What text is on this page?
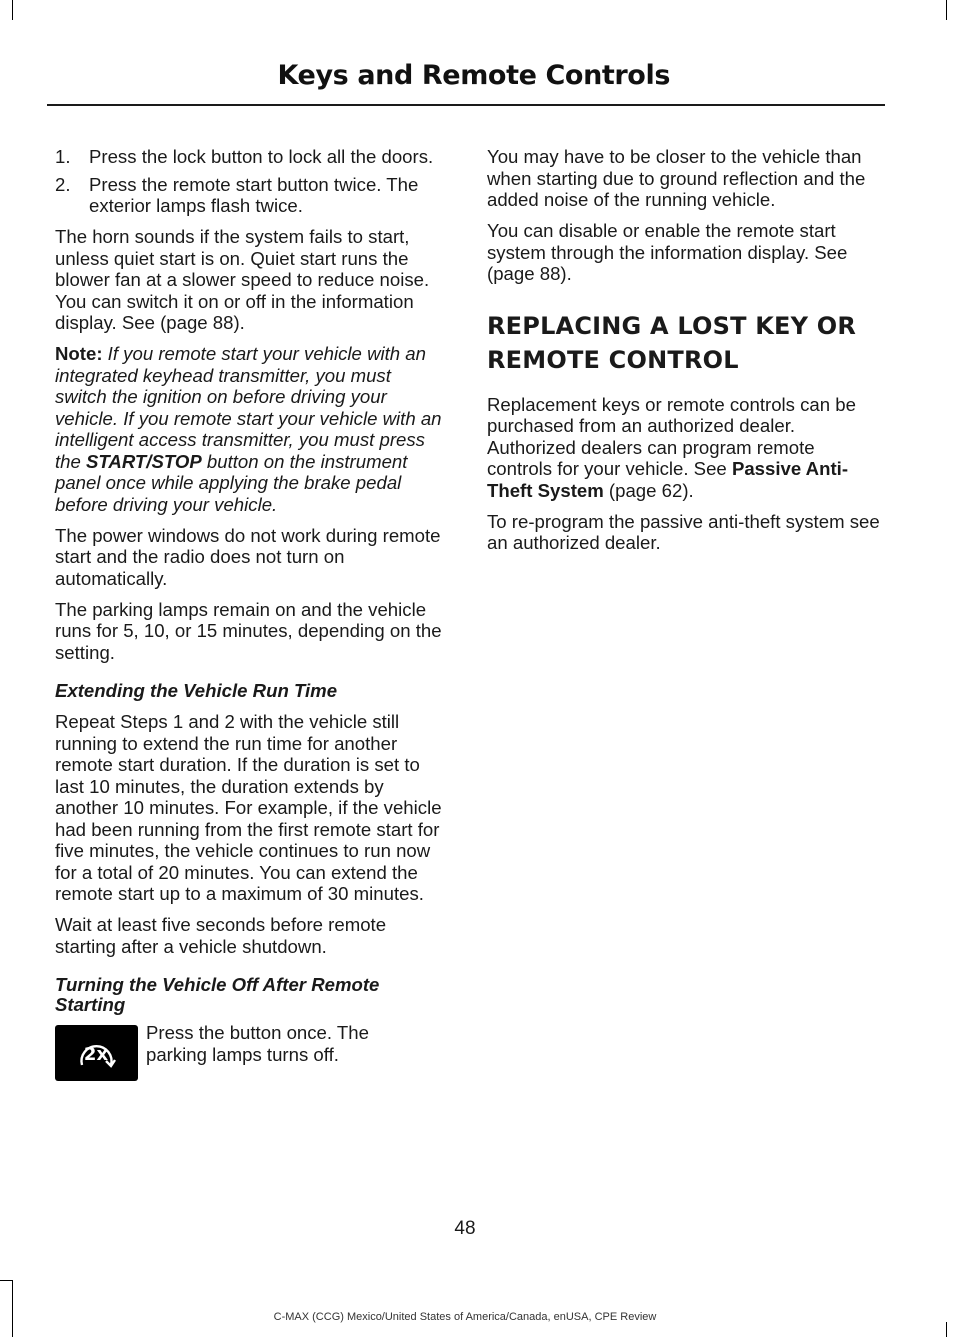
Keys and Remote Controls
1. Press the lock button to lock all the doors.
2. Press the remote start button twice. The exterior lamps flash twice.

The horn sounds if the system fails to start, unless quiet start is on. Quiet start runs the blower fan at a slower speed to reduce noise. You can switch it on or off in the information display. See (page 88).

Note: If you remote start your vehicle with an integrated keyhead transmitter, you must switch the ignition on before driving your vehicle. If you remote start your vehicle with an intelligent access transmitter, you must press the START/STOP button on the instrument panel once while applying the brake pedal before driving your vehicle.

The power windows do not work during remote start and the radio does not turn on automatically.

The parking lamps remain on and the vehicle runs for 5, 10, or 15 minutes, depending on the setting.

Extending the Vehicle Run Time

Repeat Steps 1 and 2 with the vehicle still running to extend the run time for another remote start duration. If the duration is set to last 10 minutes, the duration extends by another 10 minutes. For example, if the vehicle had been running from the first remote start for five minutes, the vehicle continues to run now for a total of 20 minutes. You can extend the remote start up to a maximum of 30 minutes.

Wait at least five seconds before remote starting after a vehicle shutdown.

Turning the Vehicle Off After Remote Starting
2x
Press the button once. The parking lamps turns off.

You may have to be closer to the vehicle than when starting due to ground reflection and the added noise of the running vehicle.

You can disable or enable the remote start system through the information display. See (page 88).

REPLACING A LOST KEY OR
REMOTE CONTROL

Replacement keys or remote controls can be purchased from an authorized dealer. Authorized dealers can program remote controls for your vehicle. See Passive Anti-Theft System (page 62).

To re-program the passive anti-theft system see an authorized dealer.

48
C-MAX (CCG) Mexico/United States of America/Canada, enUSA, CPE Review
